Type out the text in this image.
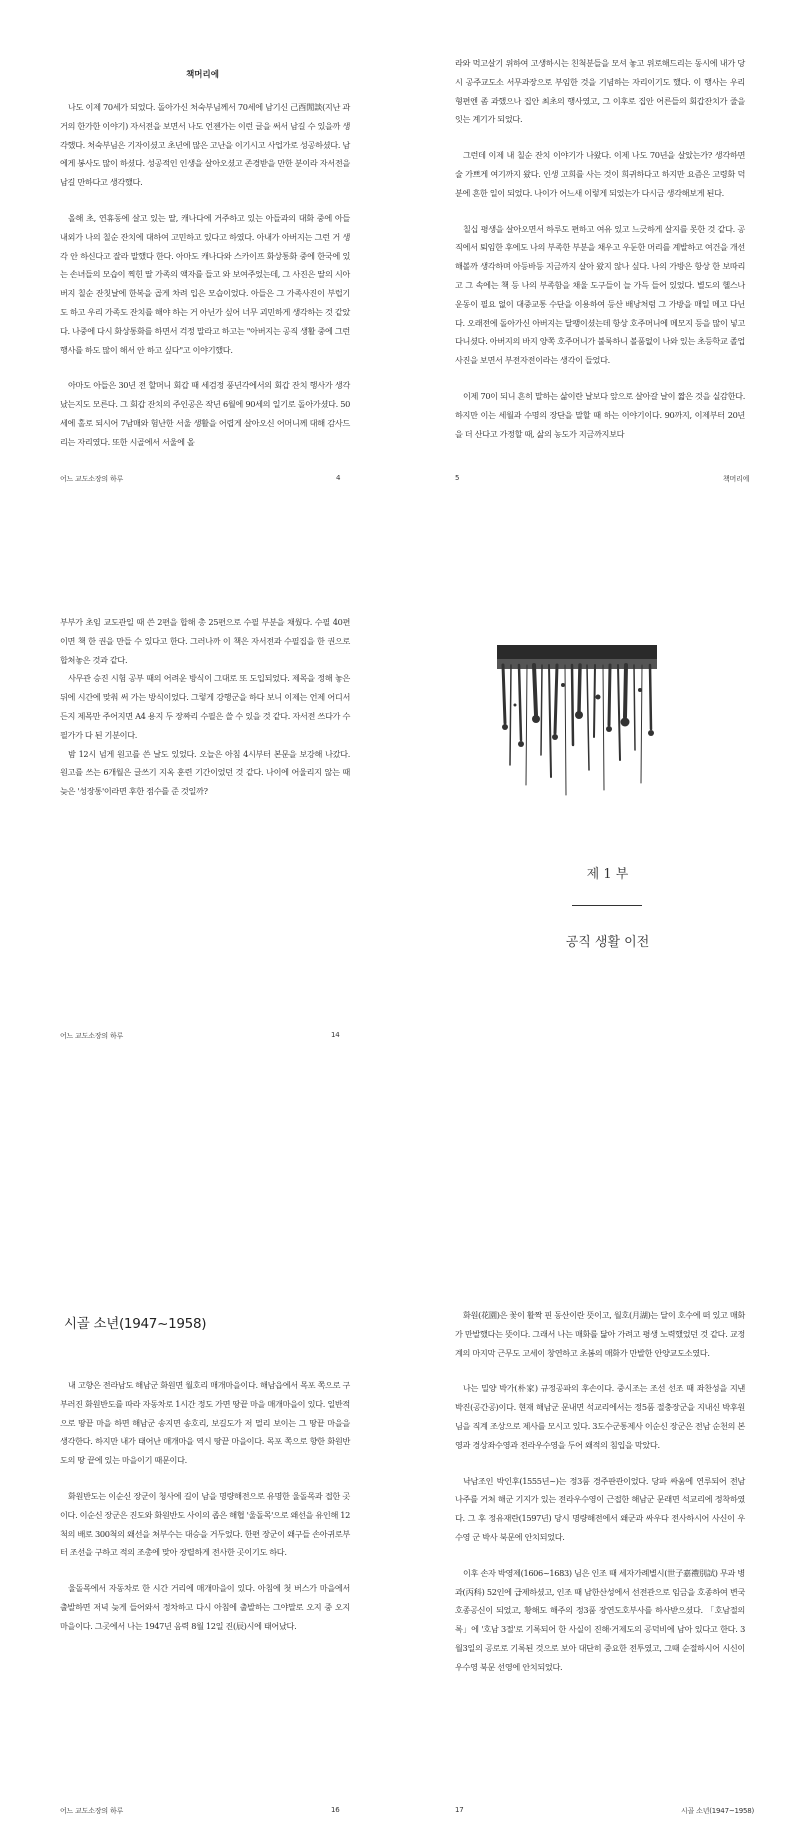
책머리에

나도 이제 70세가 되었다. 돌아가신 처숙부님께서 70세에 남기신 己酉閒談(지난 과거의 한가한 이야기) 자서전을 보면서 나도 언젠가는 이런 글을 써서 남길 수 있을까 생각했다. 처숙부님은 기자이셨고 초년에 많은 고난을 이기시고 사업가로 성공하셨다. 남에게 봉사도 많이 하셨다. 성공적인 인생을 살아오셨고 존경받을 만한 분이라 자서전을 남길 만하다고 생각했다.

올해 초, 연휴동에 살고 있는 딸, 캐나다에 거주하고 있는 아들과의 대화 중에 아들 내외가 나의 칠순 잔치에 대하여 고민하고 있다고 하였다. 아내가 아버지는 그런 거 생각 안 하신다고 잘라 말했다 한다. 아마도 캐나다와 스카이프 화상통화 중에 한국에 있는 손녀들의 모습이 찍힌 딸 가족의 액자를 들고 와 보여주었는데, 그 사진은 딸의 시아버지 칠순 잔칫날에 한복을 곱게 차려 입은 모습이었다. 아들은 그 가족사진이 부럽기도 하고 우리 가족도 잔치를 해야 하는 거 아닌가 싶어 너무 괴민하게 생각하는 것 같았다. 나중에 다시 화상통화를 하면서 걱정 말라고 하고는 "아버지는 공직 생활 중에 그런 행사를 하도 많이 해서 안 하고 싶다"고 이야기했다.

아마도 아들은 30년 전 할머니 회갑 때 세검정 풍년각에서의 회갑 잔치 행사가 생각났는지도 모른다. 그 회갑 잔치의 주인공은 작년 6월에 90세의 일기로 돌아가셨다. 50세에 홀로 되시어 7남매와 험난한 서울 생활을 어렵게 살아오신 어머니께 대해 감사드리는 자리였다. 또한 시골에서 서울에 올

어느 교도소장의 하루	4

라와 먹고살기 위하여 고생하시는 친척분들을 모셔 놓고 위로해드리는 동시에 내가 당시 공주교도소 서무과장으로 부임한 것을 기념하는 자리이기도 했다. 이 행사는 우리 형편엔 좀 과했으나 집안 최초의 행사였고, 그 이후로 집안 어른들의 회갑잔치가 줄을 잇는 계기가 되었다.

그런데 이제 내 칠순 잔치 이야기가 나왔다. 이제 나도 70년을 살았는가? 생각하면 술 가쁘게 여기까지 왔다. 인생 고희를 사는 것이 희귀하다고 하지만 요즘은 고령화 덕분에 흔한 일이 되었다. 나이가 어느새 이렇게 되었는가 다시금 생각해보게 된다.

칠십 평생을 살아오면서 하루도 편하고 여유 있고 느긋하게 살지를 못한 것 같다. 공직에서 퇴임한 후에도 나의 부족한 부분을 채우고 우둔한 머리를 계발하고 여건을 개선해볼까 생각하며 아등바등 지금까지 살아 왔지 않나 싶다. 나의 가방은 항상 한 보따리고 그 속에는 책 등 나의 부족함을 채울 도구들이 늘 가득 들어 있었다. 별도의 헬스나 운동이 필요 없이 대중교통 수단을 이용하여 등산 배낭처럼 그 가방을 매일 메고 다닌다. 오래전에 돌아가신 아버지는 달팽이셨는데 항상 호주머니에 메모지 등을 많이 넣고 다니셨다. 아버지의 바지 양쪽 호주머니가 불룩하니 볼품없이 나와 있는 초등학교 졸업사진을 보면서 부전자전이라는 생각이 들었다.

이제 70이 되니 흔히 말하는 삶이란 날보다 앞으로 살아갈 날이 짧은 것을 실감한다. 하지만 이는 세월과 수명의 장단을 말할 때 하는 이야기이다. 90까지, 이제부터 20년을 더 산다고 가정할 때, 삶의 농도가 지금까지보다

5	책머리에

부부가 초임 교도관일 때 쓴 2편을 합해 총 25편으로 수필 부분을 채웠다. 수필 40편이면 책 한 권을 만들 수 있다고 한다. 그러나까 이 책은 자서전과 수필집을 한 권으로 합쳐놓은 것과 같다.

사무관 승진 시험 공부 때의 어려운 방식이 그대로 또 도입되었다. 제목을 정해 놓은 뒤에 시간에 맞춰 써 가는 방식이었다. 그렇게 강행군을 하다 보니 이제는 언제 어디서든지 제목만 주어지면 A4 용지 두 장짜리 수필은 쓸 수 있을 것 같다. 자서전 쓰다가 수필가가 다 된 기분이다.

밤 12시 넘게 원고를 쓴 날도 있었다. 오늘은 아침 4시부터 본문을 보강해 나갔다. 원고를 쓰는 6개월은 글쓰기 지옥 훈련 기간이었던 것 같다. 나이에 어울리지 않는 때늦은 '성장통'이라면 후한 점수를 준 것일까?

어느 교도소장의 하루	14
제 1 부
공직 생활 이전
시골 소년(1947~1958)

내 고향은 전라남도 해남군 화원면 월호리 매개마을이다. 해남읍에서 목포 쪽으로 구부러진 화원반도를 따라 자동차로 1시간 정도 가면 땅끝 마을 매개마을이 있다. 일반적으로 땅끝 마을 하면 해남군 송지면 송호리, 보길도가 저 멀리 보이는 그 땅끝 마을을 생각한다. 하지만 내가 태어난 매개마을 역시 땅끝 마을이다. 목포 쪽으로 향한 화원반도의 땅 끝에 있는 마을이기 때문이다.

화원반도는 이순신 장군이 청사에 길이 남을 명량해전으로 유명한 울돌목과 접한 곳이다. 이순신 장군은 진도와 화원반도 사이의 좁은 해협 '울돌목'으로 왜선을 유인해 12척의 배로 300척의 왜선을 쳐부수는 대승을 거두었다. 한편 장군이 왜구들 손아귀로부터 조선을 구하고 적의 조총에 맞아 장렬하게 전사한 곳이기도 하다.

울돌목에서 자동차로 한 시간 거리에 매개마을이 있다. 아침에 첫 버스가 마을에서 출발하면 저녁 늦게 들어와서 정차하고 다시 아침에 출발하는 그야말로 오지 중 오지 마을이다. 그곳에서 나는 1947년 음력 8월 12일 진(辰)시에 태어났다.

어느 교도소장의 하루	16

화원(花園)은 꽃이 활짝 핀 동산이란 뜻이고, 월호(月湖)는 달이 호수에 떠 있고 매화가 만발했다는 뜻이다. 그래서 나는 매화를 닮아 가려고 평생 노력했었던 것 같다. 교정계의 마지막 근무도 고세이 창연하고 초봄의 매화가 만발한 안양교도소였다.

나는 밀양 박가(朴家) 규정공파의 후손이다. 중시조는 조선 선조 때 좌찬성을 지낸 박진(공간공)이다. 현재 해남군 문내면 석교리에서는 정5품 절충장군을 지내신 박후원 님을 직계 조상으로 제사를 모시고 있다. 3도수군통제사 이순신 장군은 전남 순천의 본영과 경상좌수영과 전라우수영을 두어 왜적의 침입을 막았다.

낙남조인 박인후(1555년~)는 정3품 경주판관이었다. 당파 싸움에 연루되어 전남 나주를 거쳐 해군 기지가 있는 전라우수영이 근접한 해남군 문래면 석교리에 정착하였다. 그 후 정유재란(1597년) 당시 명량해전에서 왜군과 싸우다 전사하시어 사신이 우수영 군 박사 북문에 안치되었다.

이후 손자 박영제(1606~1683) 님은 인조 때 세자가례별시(世子嘉禮別試) 무과 병과(丙科) 52인에 급제하셨고, 인조 때 남한산성에서 선전관으로 임금을 호종하여 변국 호종공신이 되었고, 황해도 해주의 정3품 장연도호부사를 하사받으셨다. 「호남절의록」에 '호남 3절'로 기록되어 한 사실이 진해·거제도의 공덕비에 남아 있다고 한다. 3월3일의 공로로 기록된 것으로 보아 대단히 중요한 전투였고, 그때 순절하시어 시신이 우수영 북문 선영에 안치되었다.

17	시골 소년(1947~1958)
